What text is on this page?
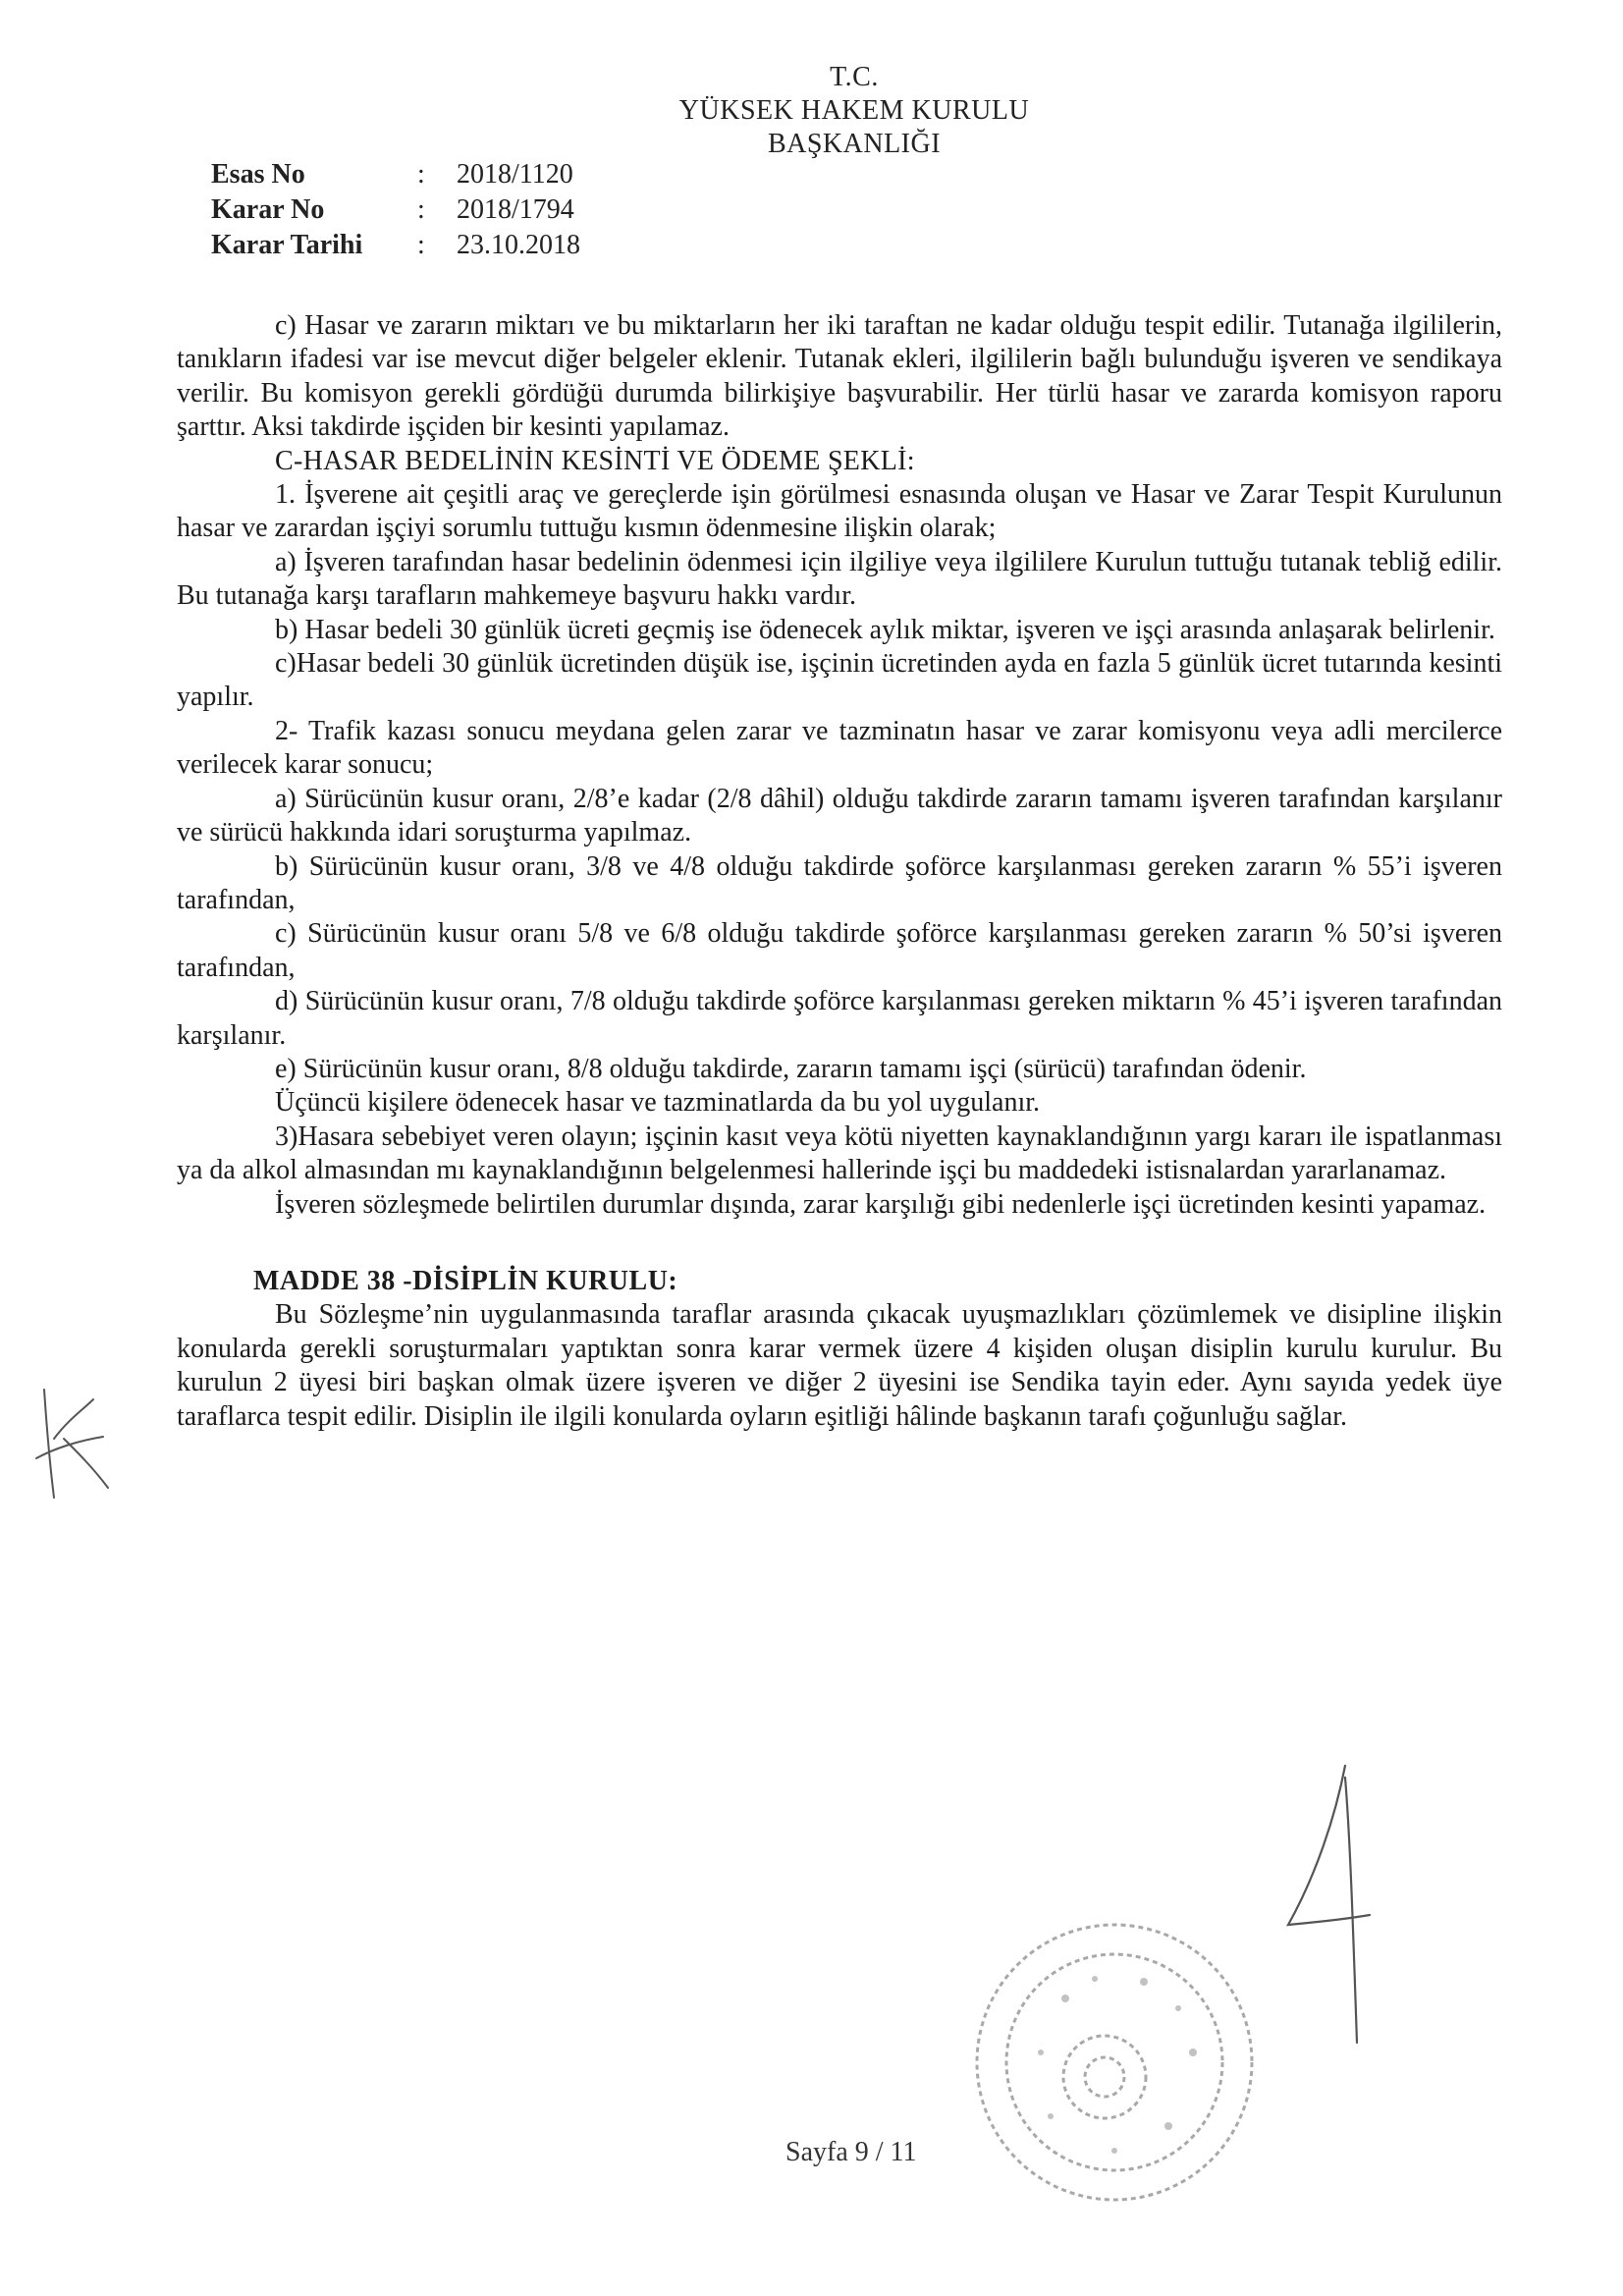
T.C.
YÜKSEK HAKEM KURULU
BAŞKANLIĞI
Esas No	:	2018/1120
Karar No	:	2018/1794
Karar Tarihi	:	23.10.2018

c) Hasar ve zararın miktarı ve bu miktarların her iki taraftan ne kadar olduğu tespit edilir. Tutanağa ilgililerin, tanıkların ifadesi var ise mevcut diğer belgeler eklenir. Tutanak ekleri, ilgililerin bağlı bulunduğu işveren ve sendikaya verilir. Bu komisyon gerekli gördüğü durumda bilirkişiye başvurabilir. Her türlü hasar ve zararda komisyon raporu şarttır. Aksi takdirde işçiden bir kesinti yapılamaz.

C-HASAR BEDELİNİN KESİNTİ VE ÖDEME ŞEKLİ:

1. İşverene ait çeşitli araç ve gereçlerde işin görülmesi esnasında oluşan ve Hasar ve Zarar Tespit Kurulunun hasar ve zarardan işçiyi sorumlu tuttuğu kısmın ödenmesine ilişkin olarak;

a) İşveren tarafından hasar bedelinin ödenmesi için ilgiliye veya ilgililere Kurulun tuttuğu tutanak tebliğ edilir. Bu tutanağa karşı tarafların mahkemeye başvuru hakkı vardır.

b) Hasar bedeli 30 günlük ücreti geçmiş ise ödenecek aylık miktar, işveren ve işçi arasında anlaşarak belirlenir.

c)Hasar bedeli 30 günlük ücretinden düşük ise, işçinin ücretinden ayda en fazla 5 günlük ücret tutarında kesinti yapılır.

2- Trafik kazası sonucu meydana gelen zarar ve tazminatın hasar ve zarar komisyonu veya adli mercilerce verilecek karar sonucu;

a) Sürücünün kusur oranı, 2/8’e kadar (2/8 dâhil) olduğu takdirde zararın tamamı işveren tarafından karşılanır ve sürücü hakkında idari soruşturma yapılmaz.

b) Sürücünün kusur oranı, 3/8 ve 4/8 olduğu takdirde şoförce karşılanması gereken zararın % 55’i işveren tarafından,

c) Sürücünün kusur oranı 5/8 ve 6/8 olduğu takdirde şoförce karşılanması gereken zararın % 50’si işveren tarafından,

d) Sürücünün kusur oranı, 7/8 olduğu takdirde şoförce karşılanması gereken miktarın % 45’i işveren tarafından karşılanır.

e) Sürücünün kusur oranı, 8/8 olduğu takdirde, zararın tamamı işçi (sürücü) tarafından ödenir.

Üçüncü kişilere ödenecek hasar ve tazminatlarda da bu yol uygulanır.

3)Hasara sebebiyet veren olayın; işçinin kasıt veya kötü niyetten kaynaklandığının yargı kararı ile ispatlanması ya da alkol almasından mı kaynaklandığının belgelenmesi hallerinde işçi bu maddedeki istisnalardan yararlanamaz.

İşveren sözleşmede belirtilen durumlar dışında, zarar karşılığı gibi nedenlerle işçi ücretinden kesinti yapamaz.

MADDE 38 -DİSİPLİN KURULU:

Bu Sözleşme’nin uygulanmasında taraflar arasında çıkacak uyuşmazlıkları çözümlemek ve disipline ilişkin konularda gerekli soruşturmaları yaptıktan sonra karar vermek üzere 4 kişiden oluşan disiplin kurulu kurulur. Bu kurulun 2 üyesi biri başkan olmak üzere işveren ve diğer 2 üyesini ise Sendika tayin eder. Aynı sayıda yedek üye taraflarca tespit edilir. Disiplin ile ilgili konularda oyların eşitliği hâlinde başkanın tarafı çoğunluğu sağlar.

Sayfa 9 / 11
